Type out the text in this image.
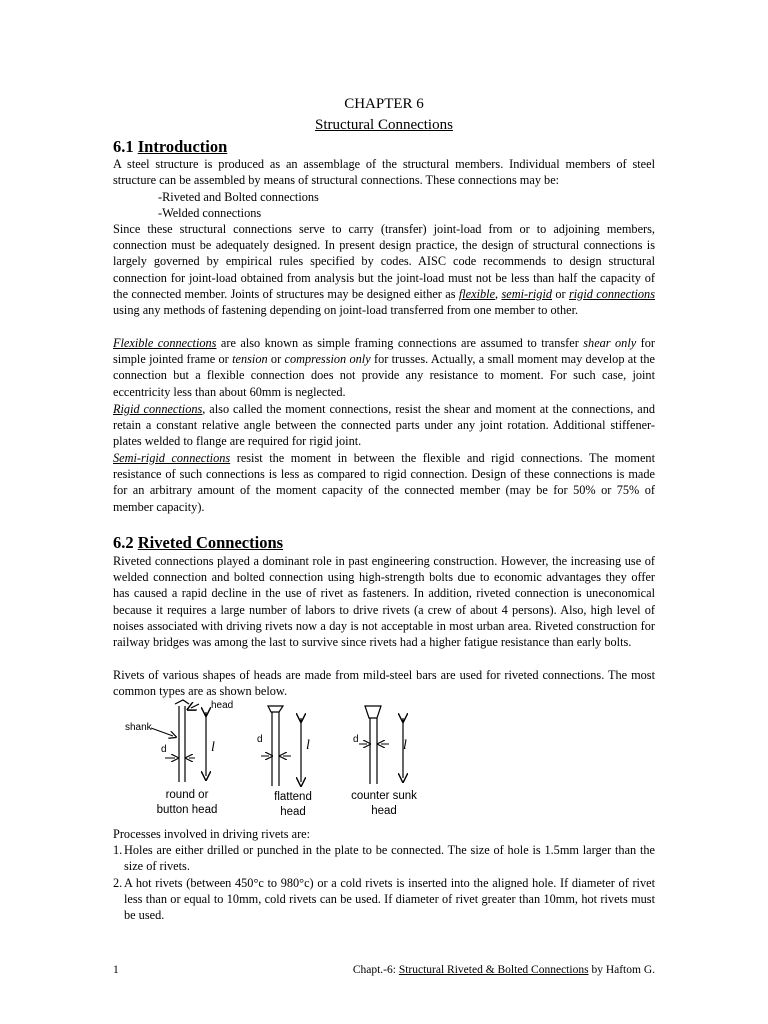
CHAPTER 6
Structural Connections
6.1 Introduction

A steel structure is produced as an assemblage of the structural members. Individual members of steel structure can be assembled by means of structural connections. These connections may be:

-Riveted and Bolted connections
-Welded connections

Since these structural connections serve to carry (transfer) joint-load from or to adjoining members, connection must be adequately designed. In present design practice, the design of structural connections is largely governed by empirical rules specified by codes. AISC code recommends to design structural connection for joint-load obtained from analysis but the joint-load must not be less than half the capacity of the connected member. Joints of structures may be designed either as flexible, semi-rigid or rigid connections using any methods of fastening depending on joint-load transferred from one member to other.

Flexible connections are also known as simple framing connections are assumed to transfer shear only for simple jointed frame or tension or compression only for trusses. Actually, a small moment may develop at the connection but a flexible connection does not provide any resistance to moment. For such case, joint eccentricity less than about 60mm is neglected.

Rigid connections, also called the moment connections, resist the shear and moment at the connections, and retain a constant relative angle between the connected parts under any joint rotation. Additional stiffener-plates welded to flange are required for rigid joint.

Semi-rigid connections resist the moment in between the flexible and rigid connections. The moment resistance of such connections is less as compared to rigid connection. Design of these connections is made for an arbitrary amount of the moment capacity of the connected member (may be for 50% or 75% of member capacity).

6.2 Riveted Connections

Riveted connections played a dominant role in past engineering construction. However, the increasing use of welded connection and bolted connection using high-strength bolts due to economic advantages they offer has caused a rapid decline in the use of rivet as fasteners. In addition, riveted connection is uneconomical because it requires a large number of labors to drive rivets (a crew of about 4 persons). Also, high level of noises associated with driving rivets now a day is not acceptable in most urban area. Riveted construction for railway bridges was among the last to survive since rivets had a higher fatigue resistance than early bolts.

Rivets of various shapes of heads are made from mild-steel bars are used for riveted connections. The most common types are as shown below.

head
shank
d	l
d	l	d	l
round or
button head
flattend
head
counter sunk
head

Processes involved in driving rivets are:

1. Holes are either drilled or punched in the plate to be connected. The size of hole is 1.5mm larger than the size of rivets.
2. A hot rivets (between 450°c to 980°c) or a cold rivets is inserted into the aligned hole. If diameter of rivet less than or equal to 10mm, cold rivets can be used. If diameter of rivet greater than 10mm, hot rivets must be used.
1	Chapt.-6: Structural Riveted & Bolted Connections by Haftom G.
